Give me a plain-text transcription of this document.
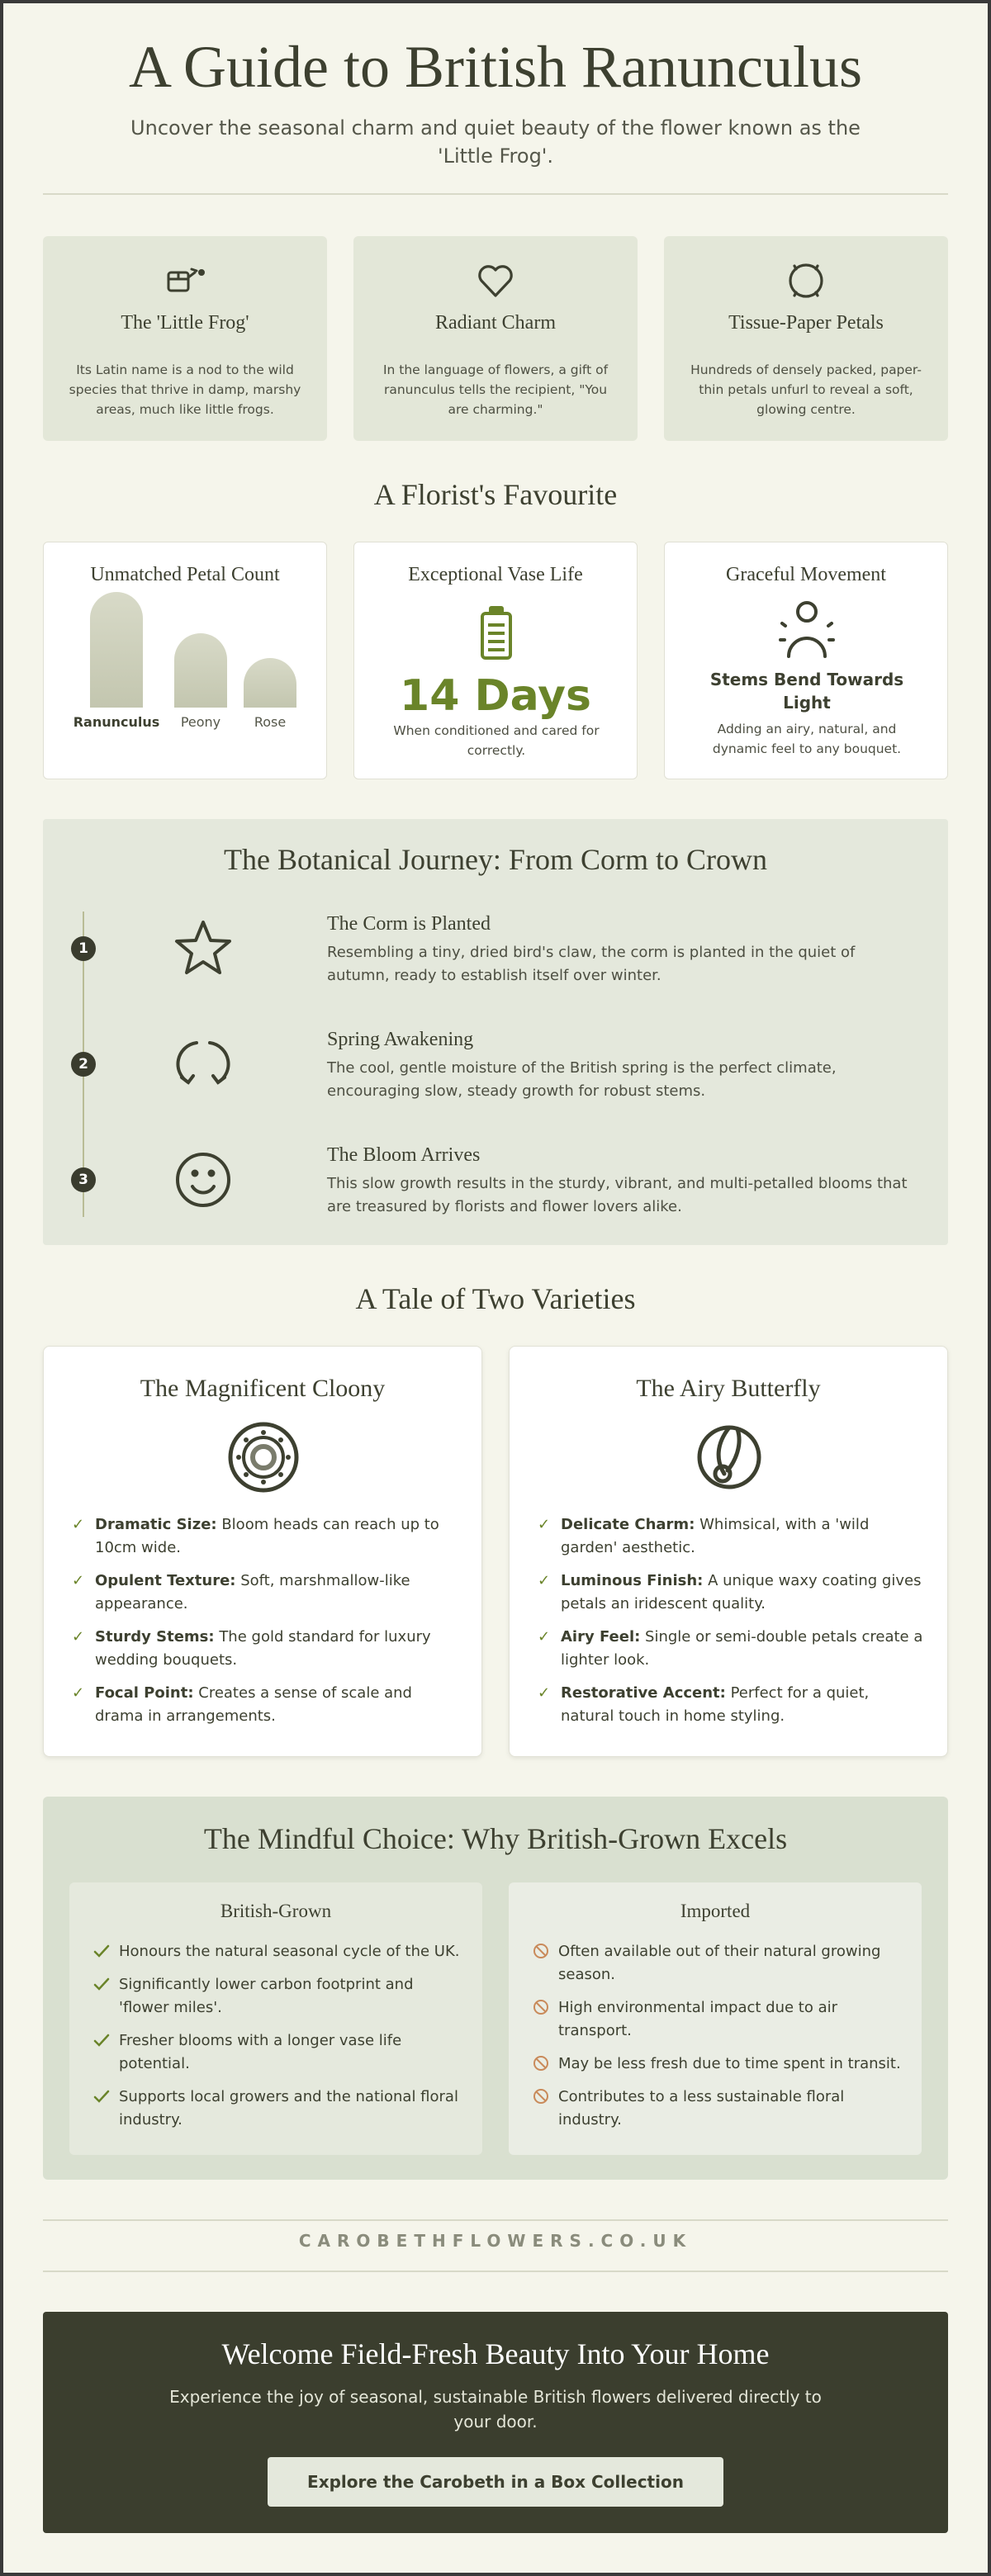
A Guide to British Ranunculus

Uncover the seasonal charm and quiet beauty of the flower known as the 'Little Frog'.

The 'Little Frog'

Its Latin name is a nod to the wild species that thrive in damp, marshy areas, much like little frogs.

Radiant Charm

In the language of flowers, a gift of ranunculus tells the recipient, "You are charming."

Tissue-Paper Petals

Hundreds of densely packed, paper-thin petals unfurl to reveal a soft, glowing centre.

A Florist's Favourite
Unmatched Petal Count
Ranunculus	Peony	Rose
Exceptional Vase Life
14 Days

When conditioned and cared for correctly.

Graceful Movement
Stems Bend Towards Light

Adding an airy, natural, and dynamic feel to any bouquet.

The Botanical Journey: From Corm to Crown
1
The Corm is Planted

Resembling a tiny, dried bird's claw, the corm is planted in the quiet of autumn, ready to establish itself over winter.

2
Spring Awakening

The cool, gentle moisture of the British spring is the perfect climate, encouraging slow, steady growth for robust stems.

3
The Bloom Arrives

This slow growth results in the sturdy, vibrant, and multi-petalled blooms that are treasured by florists and flower lovers alike.

A Tale of Two Varieties
The Magnificent Cloony
✓ Dramatic Size: Bloom heads can reach up to 10cm wide.
✓ Opulent Texture: Soft, marshmallow-like appearance.
✓ Sturdy Stems: The gold standard for luxury wedding bouquets.
✓ Focal Point: Creates a sense of scale and drama in arrangements.
The Airy Butterfly
✓ Delicate Charm: Whimsical, with a 'wild garden' aesthetic.
✓ Luminous Finish: A unique waxy coating gives petals an iridescent quality.
✓ Airy Feel: Single or semi-double petals create a lighter look.
✓ Restorative Accent: Perfect for a quiet, natural touch in home styling.
The Mindful Choice: Why British-Grown Excels
British-Grown
Honours the natural seasonal cycle of the UK.
Significantly lower carbon footprint and 'flower miles'.
Fresher blooms with a longer vase life potential.
Supports local growers and the national floral industry.
Imported
Often available out of their natural growing season.
High environmental impact due to air transport.
May be less fresh due to time spent in transit.
Contributes to a less sustainable floral industry.
CAROBETHFLOWERS.CO.UK
Welcome Field-Fresh Beauty Into Your Home

Experience the joy of seasonal, sustainable British flowers delivered directly to your door.

Explore the Carobeth in a Box Collection
